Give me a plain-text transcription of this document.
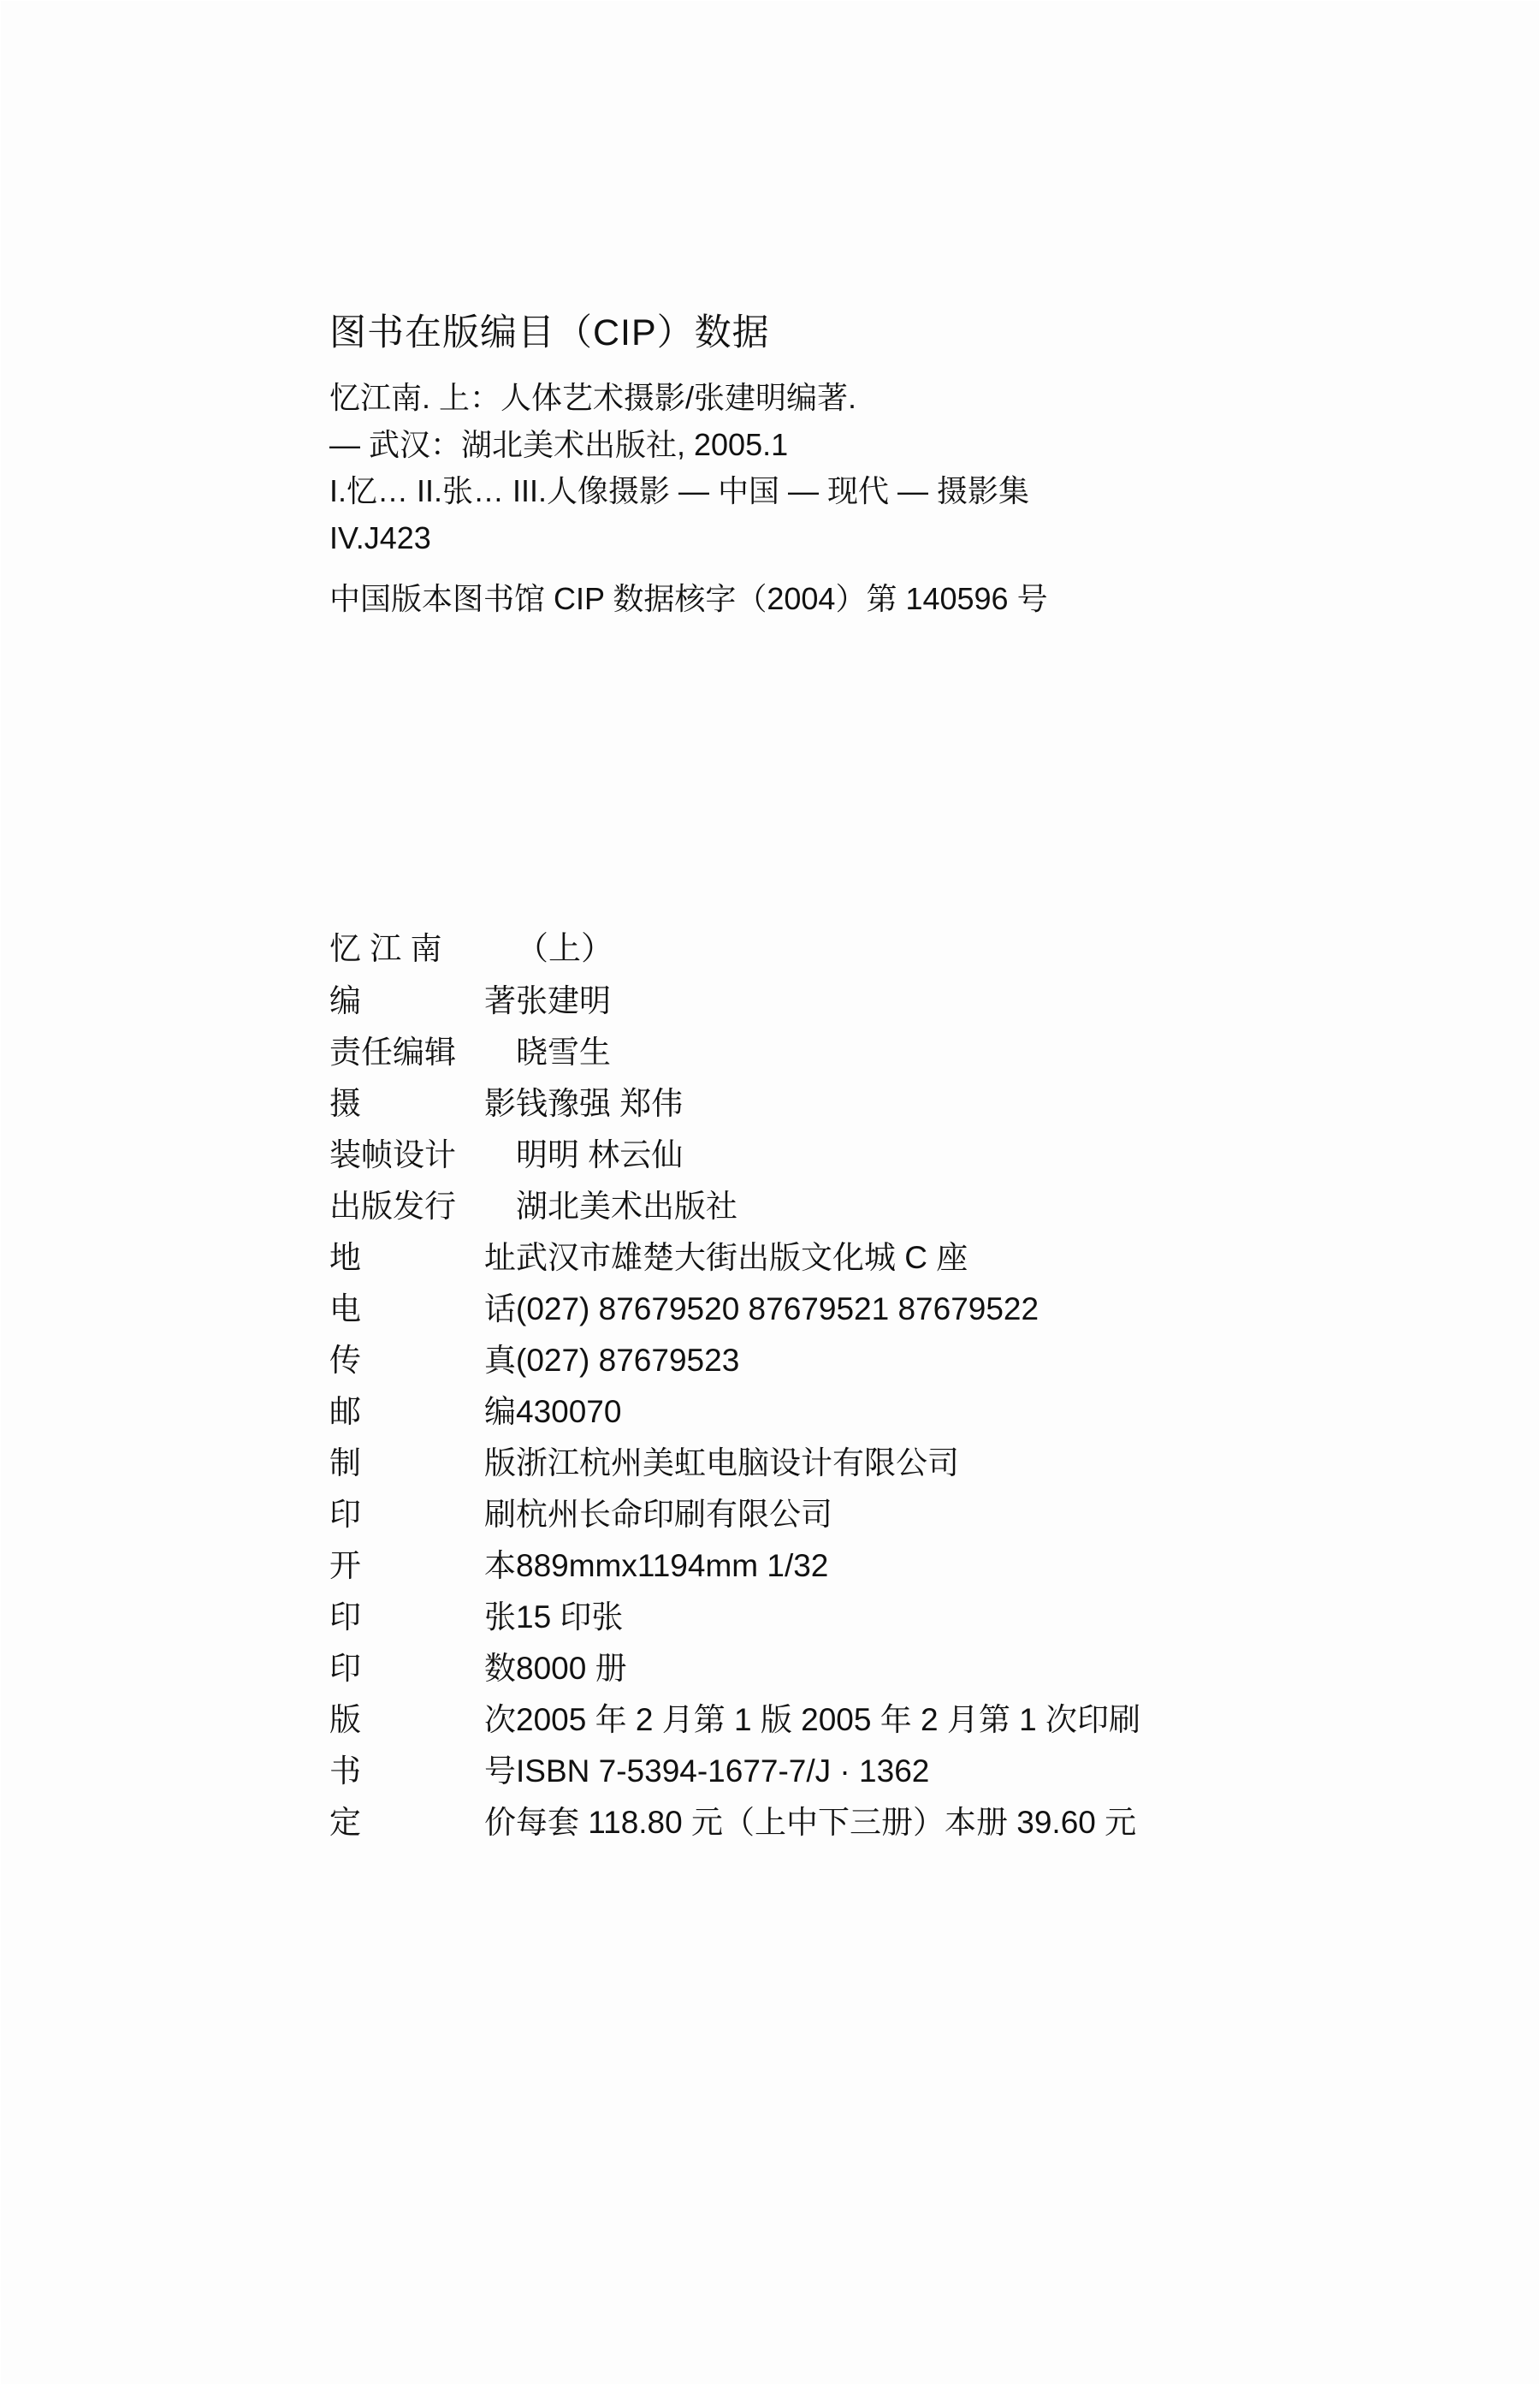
图书在版编目（CIP）数据
忆江南. 上：人体艺术摄影/张建明编著.
— 武汉：湖北美术出版社, 2005.1
I.忆… II.张… III.人像摄影 — 中国 — 现代 — 摄影集
IV.J423
中国版本图书馆 CIP 数据核字（2004）第 140596 号
忆 江 南	（上）
编	著 张建明
责任编辑 晓雪生
摄	影 钱豫强 郑伟
装帧设计 明明 林云仙
出版发行 湖北美术出版社
地	址 武汉市雄楚大街出版文化城 C 座
电	话 (027) 87679520 87679521 87679522
传	真 (027) 87679523
邮	编 430070
制	版 浙江杭州美虹电脑设计有限公司
印	刷 杭州长命印刷有限公司
开	本 889mmx1194mm 1/32
印	张 15 印张
印	数 8000 册
版	次 2005 年 2 月第 1 版 2005 年 2 月第 1 次印刷
书	号 ISBN 7-5394-1677-7/J · 1362
定	价 每套 118.80 元（上中下三册）本册 39.60 元
